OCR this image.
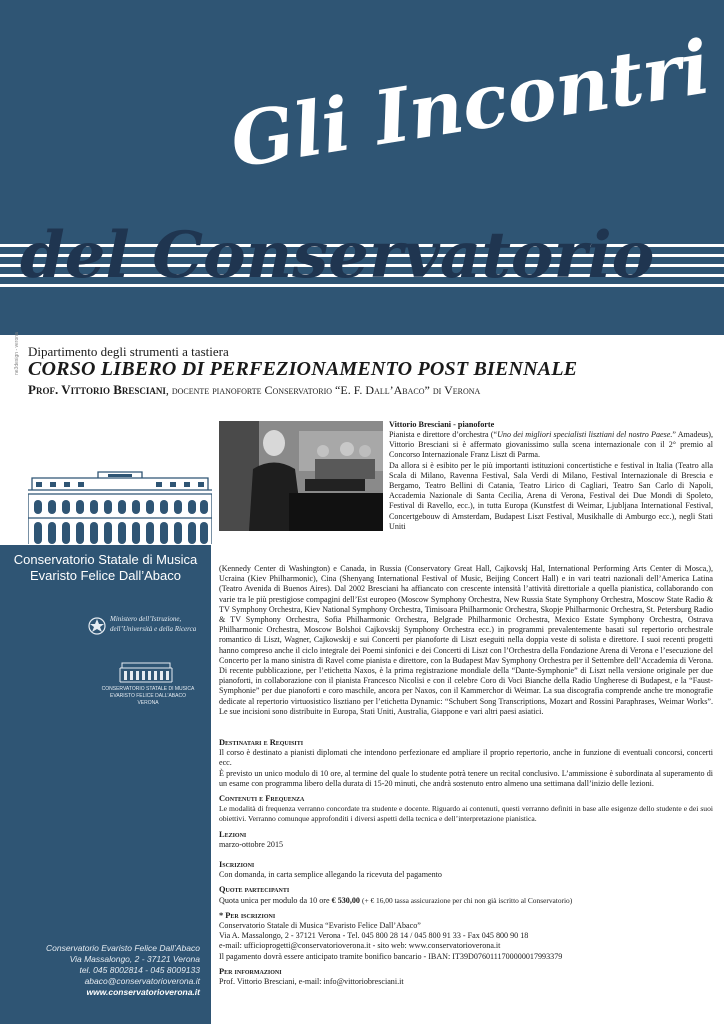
Gli Incontri
del Conservatorio
Dipartimento degli strumenti a tastiera
CORSO LIBERO DI PERFEZIONAMENTO POST BIENNALE
Prof. Vittorio Bresciani, docente pianoforte Conservatorio “E. F. Dall’Abaco” di Verona
ne3design - verona
Conservatorio Statale di Musica
Evaristo Felice Dall’Abaco
Ministero dell’Istruzione,
dell’Università e della Ricerca
CONSERVATORIO STATALE DI MUSICA
EVARISTO FELICE DALL’ABACO
VERONA
Conservatorio Evaristo Felice Dall’Abaco
Via Massalongo, 2 - 37121 Verona
tel. 045 8002814 - 045 8009133
abaco@conservatorioverona.it
www.conservatorioverona.it
Vittorio Bresciani - pianoforte
Pianista e direttore d’orchestra (“Uno dei migliori specialisti lisztiani del nostro Paese.” Amadeus), Vittorio Bresciani si è affermato giovanissimo sulla scena internazionale con il 2° premio al Concorso Internazionale Franz Liszt di Parma.
Da allora si è esibito per le più importanti istituzioni concertistiche e festival in Italia (Teatro alla Scala di Milano, Ravenna Festival, Sala Verdi di Milano, Festival Internazionale di Brescia e Bergamo, Teatro Bellini di Catania, Teatro Lirico di Cagliari, Teatro San Carlo di Napoli, Accademia Nazionale di Santa Cecilia, Arena di Verona, Festival dei Due Mondi di Spoleto, Festival di Ravello, ecc.), in tutta Europa (Kunstfest di Weimar, Ljubljana International Festival, Concertgebouw di Amsterdam, Budapest Liszt Festival, Musikhalle di Amburgo ecc.), negli Stati Uniti
(Kennedy Center di Washington) e Canada, in Russia (Conservatory Great Hall, Cajkovskj Hal, International Performing Arts Center di Mosca,), Ucraina (Kiev Philharmonic), Cina (Shenyang International Festival of Music, Beijing Concert Hall) e in vari teatri nazionali dell’America Latina (Teatro Avenida di Buenos Aires). Dal 2002 Bresciani ha affiancato con crescente intensità l’attività direttoriale a quella pianistica, collaborando con varie tra le più prestigiose compagini dell’Est europeo (Moscow Symphony Orchestra, New Russia State Symphony Orchestra, Moscow State Radio & TV Symphony Orchestra, Kiev National Symphony Orchestra, Timisoara Philharmonic Orchestra, Skopje Philharmonic Orchestra, St. Petersburg Radio & TV Symphony Orchestra, Sofia Philharmonic Orchestra, Belgrade Philharmonic Orchestra, Mexico Estate Symphony Orchestra, Ostrava Philharmonic Orchestra, Moscow Bolshoi Cajkovskij Symphony Orchestra ecc.) in programmi prevalentemente basati sul repertorio orchestrale romantico di Liszt, Wagner, Cajkowskij e sui Concerti per pianoforte di Liszt eseguiti nella doppia veste di solista e direttore. I suoi recenti progetti hanno compreso anche il ciclo integrale dei Poemi sinfonici e dei Concerti di Liszt con l’Orchestra della Fondazione Arena di Verona e l’esecuzione del Concerto per la mano sinistra di Ravel come pianista e direttore, con la Budapest Mav Symphony Orchestra per il Settembre dell’Accademia di Verona. Di recente pubblicazione, per l’etichetta Naxos, è la prima registrazione mondiale della “Dante-Symphonie” di Liszt nella versione originale per due pianoforti, in collaborazione con il pianista Francesco Nicolisi e con il celebre Coro di Voci Bianche della Radio Ungherese di Budapest, e la “Faust-Symphonie” per due pianoforti e coro maschile, ancora per Naxos, con il Kammerchor di Weimar. La sua discografia comprende anche tre monografie dedicate al repertorio virtuosistico lisztiano per l’etichetta Dynamic: “Schubert Song Transcriptions, Mozart and Rossini Paraphrases, Weimar Works”. Le sue incisioni sono distribuite in Europa, Stati Uniti, Australia, Giappone e vari altri paesi asiatici.
Destinatari e Requisiti
Il corso è destinato a pianisti diplomati che intendono perfezionare ed ampliare il proprio repertorio, anche in funzione di eventuali concorsi, concerti ecc.
È previsto un unico modulo di 10 ore, al termine del quale lo studente potrà tenere un recital conclusivo. L’ammissione è subordinata al superamento di un esame con programma libero della durata di 15-20 minuti, che andrà sostenuto entro almeno una settimana dall’inizio delle lezioni.
Contenuti e Frequenza
Le modalità di frequenza verranno concordate tra studente e docente. Riguardo ai contenuti, questi verranno definiti in base alle esigenze dello studente e dei suoi obiettivi. Verranno comunque approfonditi i diversi aspetti della tecnica e dell’interpretazione pianistica.
Lezioni
marzo-ottobre 2015
Iscrizioni
Con domanda, in carta semplice allegando la ricevuta del pagamento
Quote partecipanti
Quota unica per modulo da 10 ore € 530,00 (+ € 16,00 tassa assicurazione per chi non già iscritto al Conservatorio)
* Per iscrizioni
Conservatorio Statale di Musica “Evaristo Felice Dall’Abaco”
Via A. Massalongo, 2 - 37121 Verona - Tel. 045 800 28 14 / 045 800 91 33 - Fax 045 800 90 18
e-mail: ufficioprogetti@conservatorioverona.it - sito web: www.conservatorioverona.it
Il pagamento dovrà essere anticipato tramite bonifico bancario - IBAN: IT39D0760111700000017993379
Per informazioni
Prof. Vittorio Bresciani, e-mail: info@vittoriobresciani.it
